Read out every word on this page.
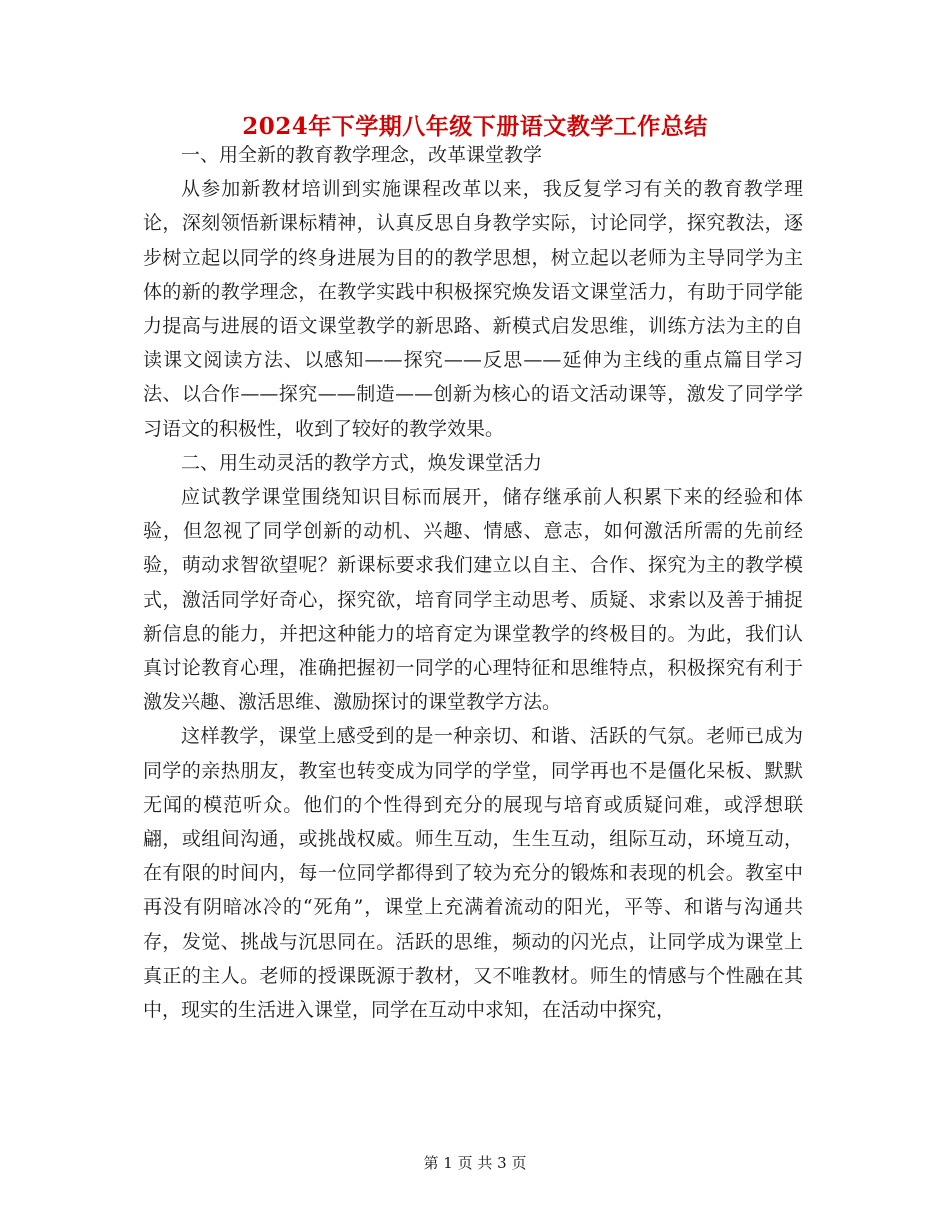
2024年下学期八年级下册语文教学工作总结

一、用全新的教育教学理念，改革课堂教学

从参加新教材培训到实施课程改革以来，我反复学习有关的教育教学理论，深刻领悟新课标精神，认真反思自身教学实际，讨论同学，探究教法，逐步树立起以同学的终身进展为目的的教学思想，树立起以老师为主导同学为主体的新的教学理念，在教学实践中积极探究焕发语文课堂活力，有助于同学能力提高与进展的语文课堂教学的新思路、新模式启发思维，训练方法为主的自读课文阅读方法、以感知——探究——反思——延伸为主线的重点篇目学习法、以合作——探究——制造——创新为核心的语文活动课等，激发了同学学习语文的积极性，收到了较好的教学效果。

二、用生动灵活的教学方式，焕发课堂活力

应试教学课堂围绕知识目标而展开，储存继承前人积累下来的经验和体验，但忽视了同学创新的动机、兴趣、情感、意志，如何激活所需的先前经验，萌动求智欲望呢？新课标要求我们建立以自主、合作、探究为主的教学模式，激活同学好奇心，探究欲，培育同学主动思考、质疑、求索以及善于捕捉新信息的能力，并把这种能力的培育定为课堂教学的终极目的。为此，我们认真讨论教育心理，准确把握初一同学的心理特征和思维特点，积极探究有利于激发兴趣、激活思维、激励探讨的课堂教学方法。

这样教学，课堂上感受到的是一种亲切、和谐、活跃的气氛。老师已成为同学的亲热朋友，教室也转变成为同学的学堂，同学再也不是僵化呆板、默默无闻的模范听众。他们的个性得到充分的展现与培育或质疑问难，或浮想联翩，或组间沟通，或挑战权威。师生互动，生生互动，组际互动，环境互动，在有限的时间内，每一位同学都得到了较为充分的锻炼和表现的机会。教室中再没有阴暗冰冷的“死角”，课堂上充满着流动的阳光，平等、和谐与沟通共存，发觉、挑战与沉思同在。活跃的思维，频动的闪光点，让同学成为课堂上真正的主人。老师的授课既源于教材，又不唯教材。师生的情感与个性融在其中，现实的生活进入课堂，同学在互动中求知，在活动中探究，

第 1 页 共 3 页
